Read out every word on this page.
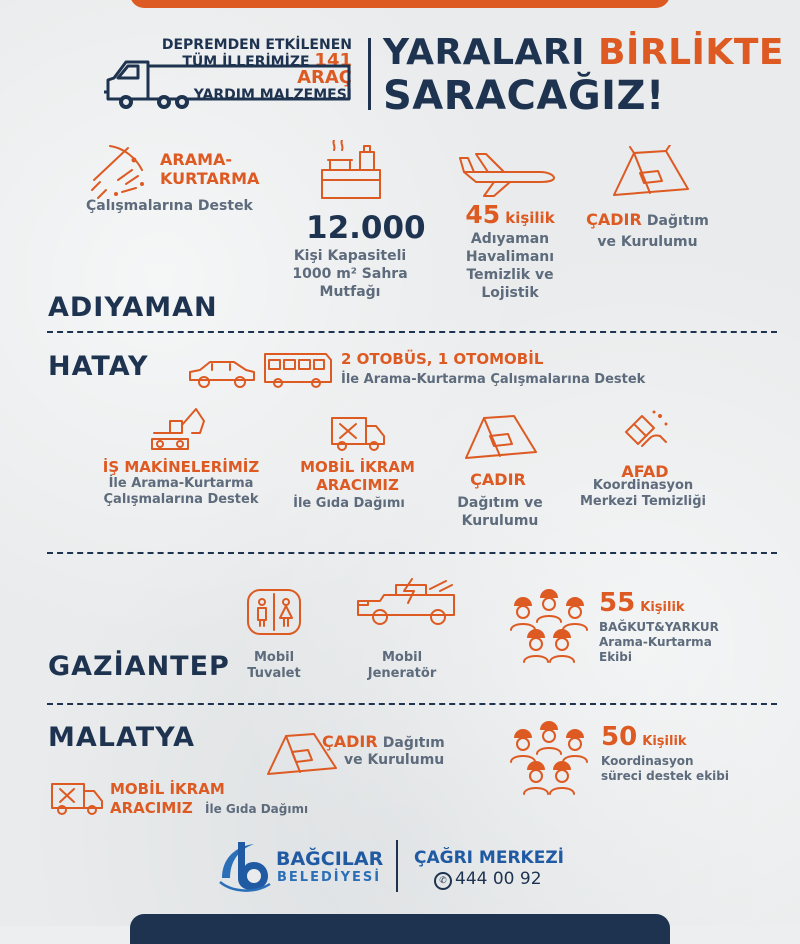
DEPREMDEN ETKİLENEN
TÜM İLLERİMİZE 141 ARAÇ
YARDIM MALZEMESİ
YARALARI BİRLİKTE
SARACAĞIZ!
ARAMA-
KURTARMA
Çalışmalarına Destek
12.000
Kişi Kapasiteli
1000 m² Sahra
Mutfağı
45 kişilik
Adıyaman
Havalimanı
Temizlik ve
Lojistik
ÇADIR Dağıtım
ve Kurulumu
ADIYAMAN
HATAY	2 OTOBÜS, 1 OTOMOBİL
İle Arama-Kurtarma Çalışmalarına Destek
İŞ MAKİNELERİMİZ
İle Arama-Kurtarma
Çalışmalarına Destek
MOBİL İKRAM
ARACIMIZ
İle Gıda Dağımı
ÇADIR
Dağıtım ve
Kurulumu
AFAD
Koordinasyon
Merkezi Temizliği
Mobil
Tuvalet
Mobil
Jeneratör
55 Kişilik
BAĞKUT&YARKUR
Arama-Kurtarma
Ekibi
GAZİANTEP
MALATYA	ÇADIR Dağıtım
ve Kurulumu
50 Kişilik
Koordinasyon
süreci destek ekibi
MOBİL İKRAM
ARACIMIZ	İle Gıda Dağımı
BAĞCILAR
BELEDİYESİ
ÇAĞRI MERKEZİ
✆ 444 00 92
